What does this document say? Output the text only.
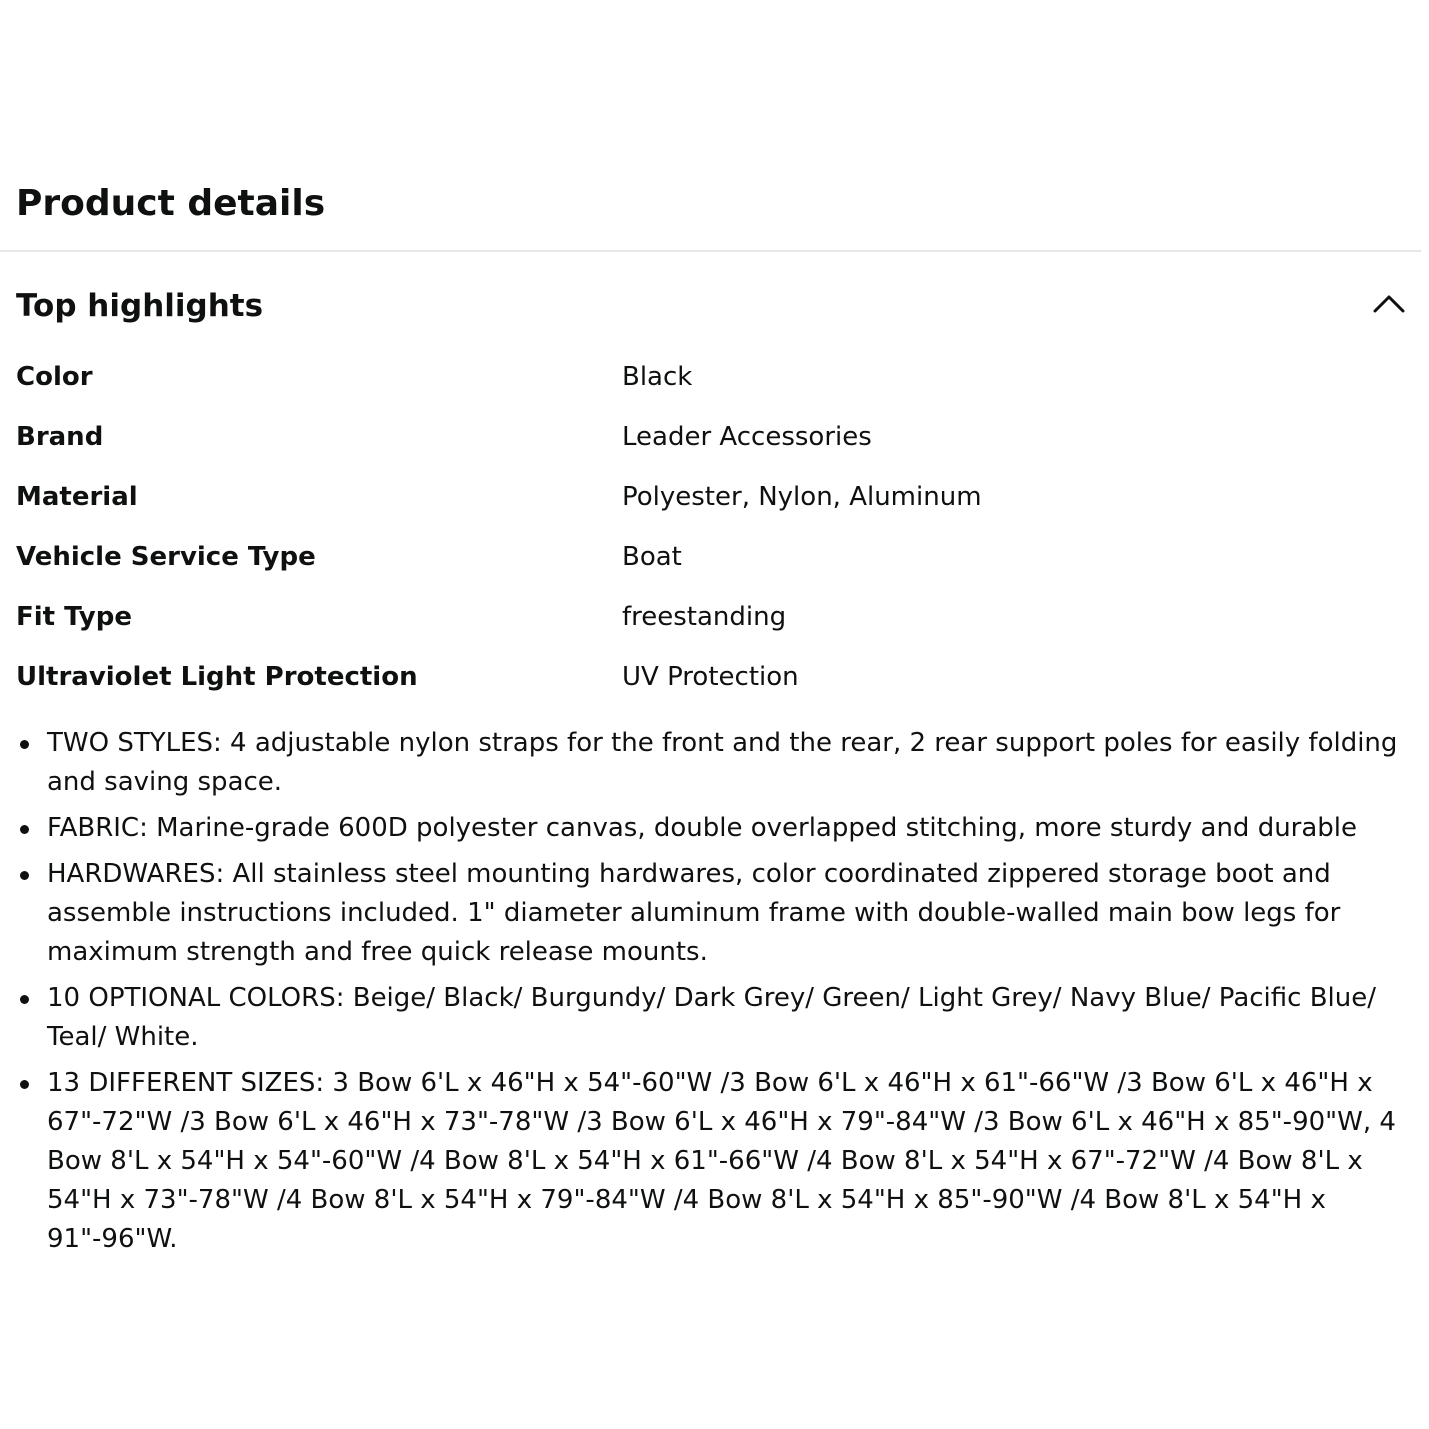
Product details
Top highlights
Color	Black
Brand	Leader Accessories
Material	Polyester, Nylon, Aluminum
Vehicle Service Type	Boat
Fit Type	freestanding
Ultraviolet Light Protection	UV Protection
TWO STYLES: 4 adjustable nylon straps for the front and the rear, 2 rear support poles for easily folding and saving space.
FABRIC: Marine-grade 600D polyester canvas, double overlapped stitching, more sturdy and durable
HARDWARES: All stainless steel mounting hardwares, color coordinated zippered storage boot and assemble instructions included. 1" diameter aluminum frame with double-walled main bow legs for maximum strength and free quick release mounts.
10 OPTIONAL COLORS: Beige/ Black/ Burgundy/ Dark Grey/ Green/ Light Grey/ Navy Blue/ Pacific Blue/ Teal/ White.
13 DIFFERENT SIZES: 3 Bow 6'L x 46"H x 54"-60"W /3 Bow 6'L x 46"H x 61"-66"W /3 Bow 6'L x 46"H x 67"-72"W /3 Bow 6'L x 46"H x 73"-78"W /3 Bow 6'L x 46"H x 79"-84"W /3 Bow 6'L x 46"H x 85"-90"W, 4 Bow 8'L x 54"H x 54"-60"W /4 Bow 8'L x 54"H x 61"-66"W /4 Bow 8'L x 54"H x 67"-72"W /4 Bow 8'L x 54"H x 73"-78"W /4 Bow 8'L x 54"H x 79"-84"W /4 Bow 8'L x 54"H x 85"-90"W /4 Bow 8'L x 54"H x 91"-96"W.
